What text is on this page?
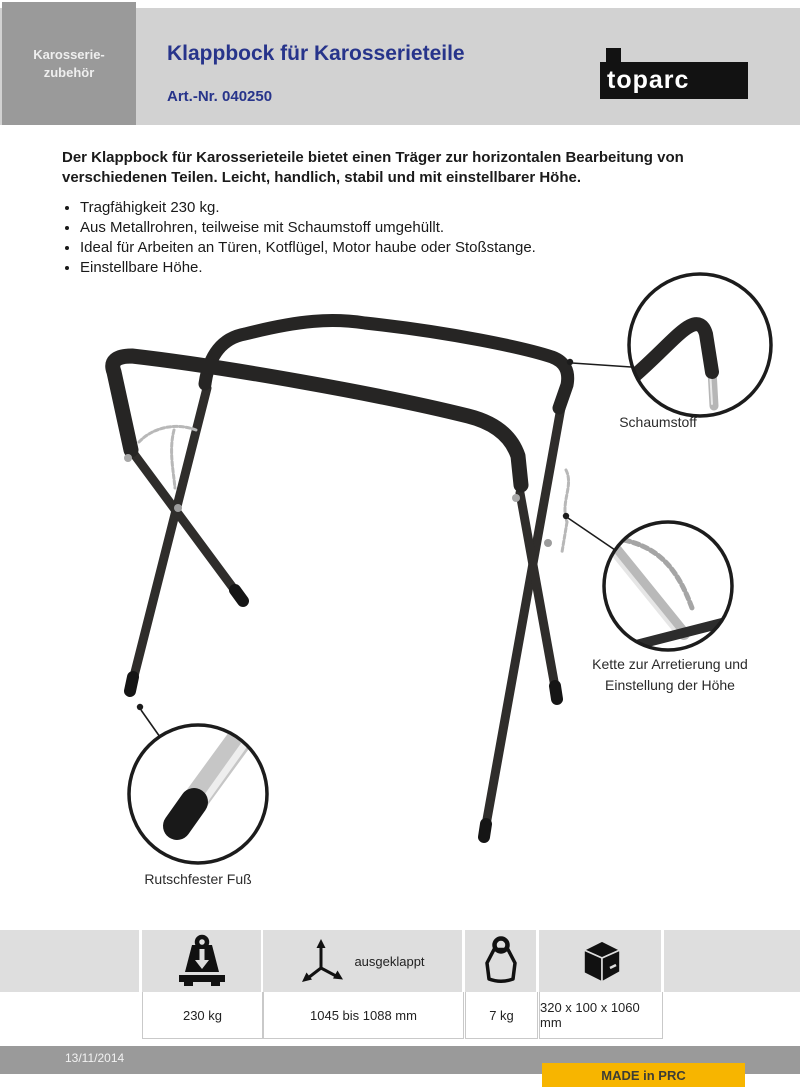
Karosserie-
zubehör
Klappbock für Karosserieteile
Art.-Nr. 040250
toparc
Der Klappbock für Karosserieteile bietet einen Träger zur horizontalen Bearbeitung von verschiedenen Teilen. Leicht, handlich, stabil und mit einstellbarer Höhe.
• Tragfähigkeit 230 kg.
• Aus Metallrohren, teilweise mit Schaumstoff umgehüllt.
• Ideal für Arbeiten an Türen, Kotflügel, Motor haube oder Stoßstange.
• Einstellbare Höhe.
Schaumstoff
Kette zur Arretierung und
Einstellung der Höhe
Rutschfester Fuß
ausgeklappt
230 kg	1045 bis 1088 mm	7 kg	320 x 100 x 1060 mm
13/11/2014
MADE in PRC
